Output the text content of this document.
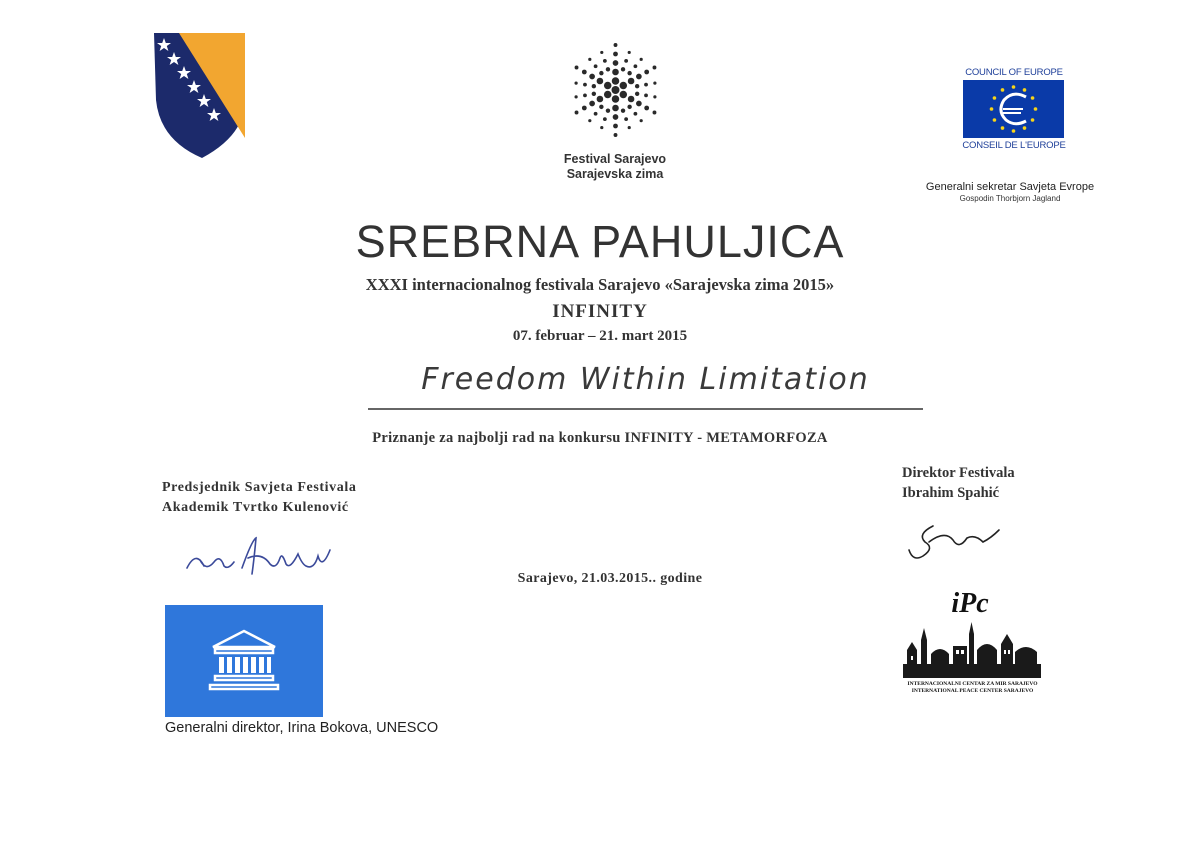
Festival Sarajevo
Sarajevska zima
COUNCIL OF EUROPE
CONSEIL DE L'EUROPE
Generalni sekretar Savjeta Evrope
Gospodin Thorbjorn Jagland
SREBRNA PAHULJICA
XXXI internacionalnog festivala Sarajevo «Sarajevska zima 2015»
INFINITY
07. februar – 21. mart 2015
Freedom Within Limitation
Priznanje za najbolji rad na konkursu INFINITY - METAMORFOZA
Predsjednik Savjeta Festivala
Akademik Tvrtko Kulenović
Direktor Festivala
Ibrahim Spahić
Sarajevo, 21.03.2015.. godine
Generalni direktor, Irina Bokova, UNESCO
iPc
INTERNACIONALNI CENTAR ZA MIR SARAJEVO
INTERNATIONAL PEACE CENTER SARAJEVO
